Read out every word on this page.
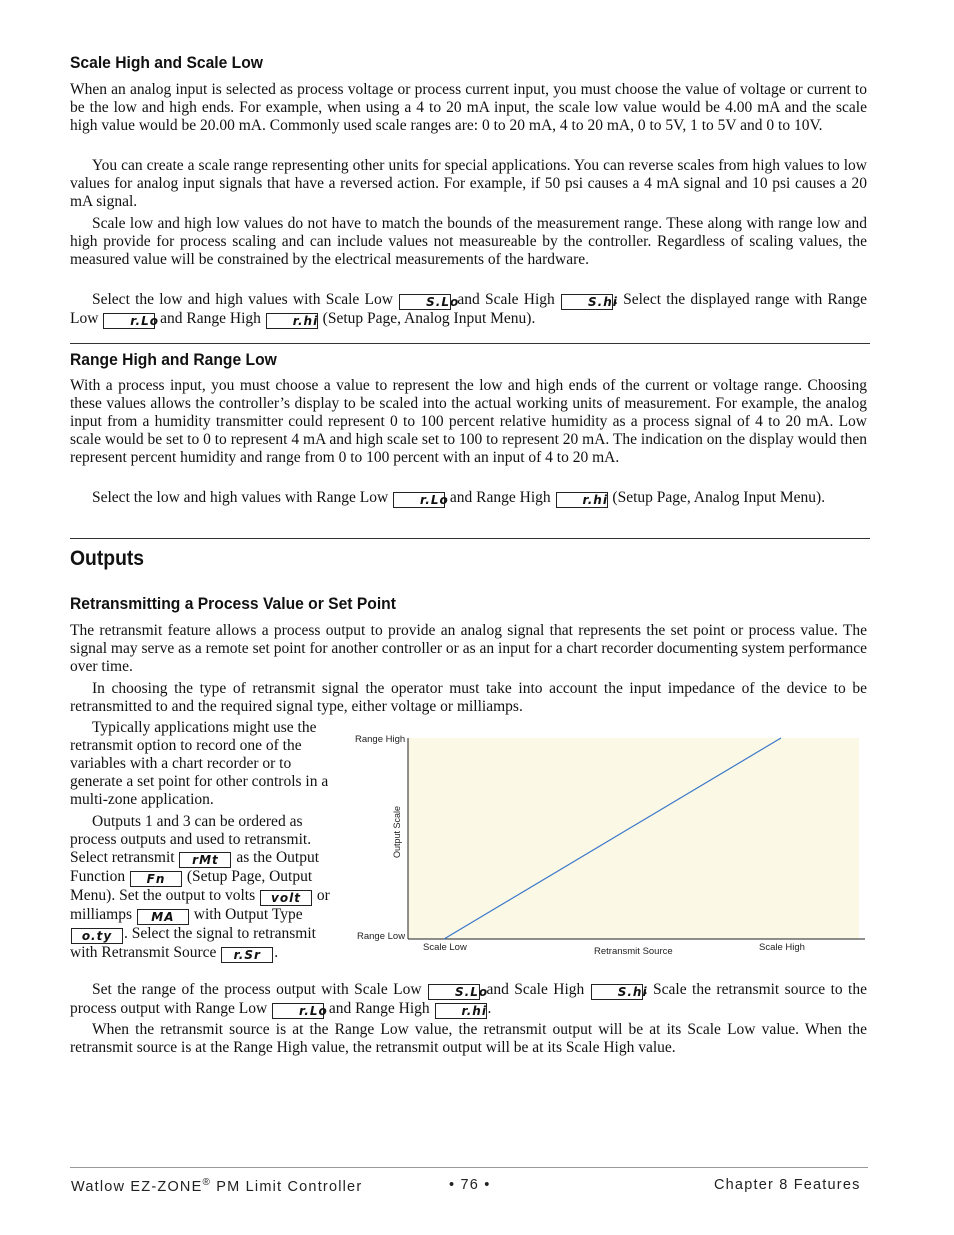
Scale High and Scale Low
When an analog input is selected as process voltage or process current input, you must choose the value of voltage or current to be the low and high ends. For example, when using a 4 to 20 mA input, the scale low value would be 4.00 mA and the scale high value would be 20.00 mA. Commonly used scale ranges are: 0 to 20 mA, 4 to 20 mA, 0 to 5V, 1 to 5V and 0 to 10V.
You can create a scale range representing other units for special applications. You can reverse scales from high values to low values for analog input signals that have a reversed action. For example, if 50 psi causes a 4 mA signal and 10 psi causes a 20 mA signal.
Scale low and high low values do not have to match the bounds of the measurement range. These along with range low and high provide for process scaling and can include values not measureable by the controller. Regardless of scaling values, the measured value will be constrained by the electrical measurements of the hardware.
Select the low and high values with Scale Low	S.Lo and Scale High	S.hi. Select the displayed range with Range Low	r.Lo and Range High	r.hi (Setup Page, Analog Input Menu).
Range High and Range Low
With a process input, you must choose a value to represent the low and high ends of the current or voltage range. Choosing these values allows the controller’s display to be scaled into the actual working units of measurement. For example, the analog input from a humidity transmitter could represent 0 to 100 percent relative humidity as a process signal of 4 to 20 mA. Low scale would be set to 0 to represent 4 mA and high scale set to 100 to represent 20 mA. The indication on the display would then represent percent humidity and range from 0 to 100 percent with an input of 4 to 20 mA.
Select the low and high values with Range Low	r.Lo and Range High	r.hi (Setup Page, Analog Input Menu).
Outputs
Retransmitting a Process Value or Set Point
The retransmit feature allows a process output to provide an analog signal that represents the set point or process value. The signal may serve as a remote set point for another controller or as an input for a chart recorder documenting system performance over time.
In choosing the type of retransmit signal the operator must take into account the input impedance of the device to be retransmitted to and the required signal type, either voltage or milliamps.

Typically applications might use the retransmit option to record one of the variables with a chart recorder or to generate a set point for other controls in a multi-zone application.

Outputs 1 and 3 can be ordered as process outputs and used to retransmit. Select retransmit rMt as the Output Function Fn (Setup Page, Output Menu). Set the output to volts volt or milliamps MA with Output Type o.ty . Select the signal to retransmit with Retransmit Source r.Sr .

Range High
Range Low
Output Scale
Scale Low	Retransmit Source	Scale High
Set the range of the process output with Scale Low	S.Lo and Scale High	S.hi. Scale the retransmit source to the process output with Range Low	r.Lo and Range High	r.hi.
When the retransmit source is at the Range Low value, the retransmit output will be at its Scale Low value. When the retransmit source is at the Range High value, the retransmit output will be at its Scale High value.
Watlow EZ-ZONE® PM Limit Controller	• 76 •	Chapter 8 Features
